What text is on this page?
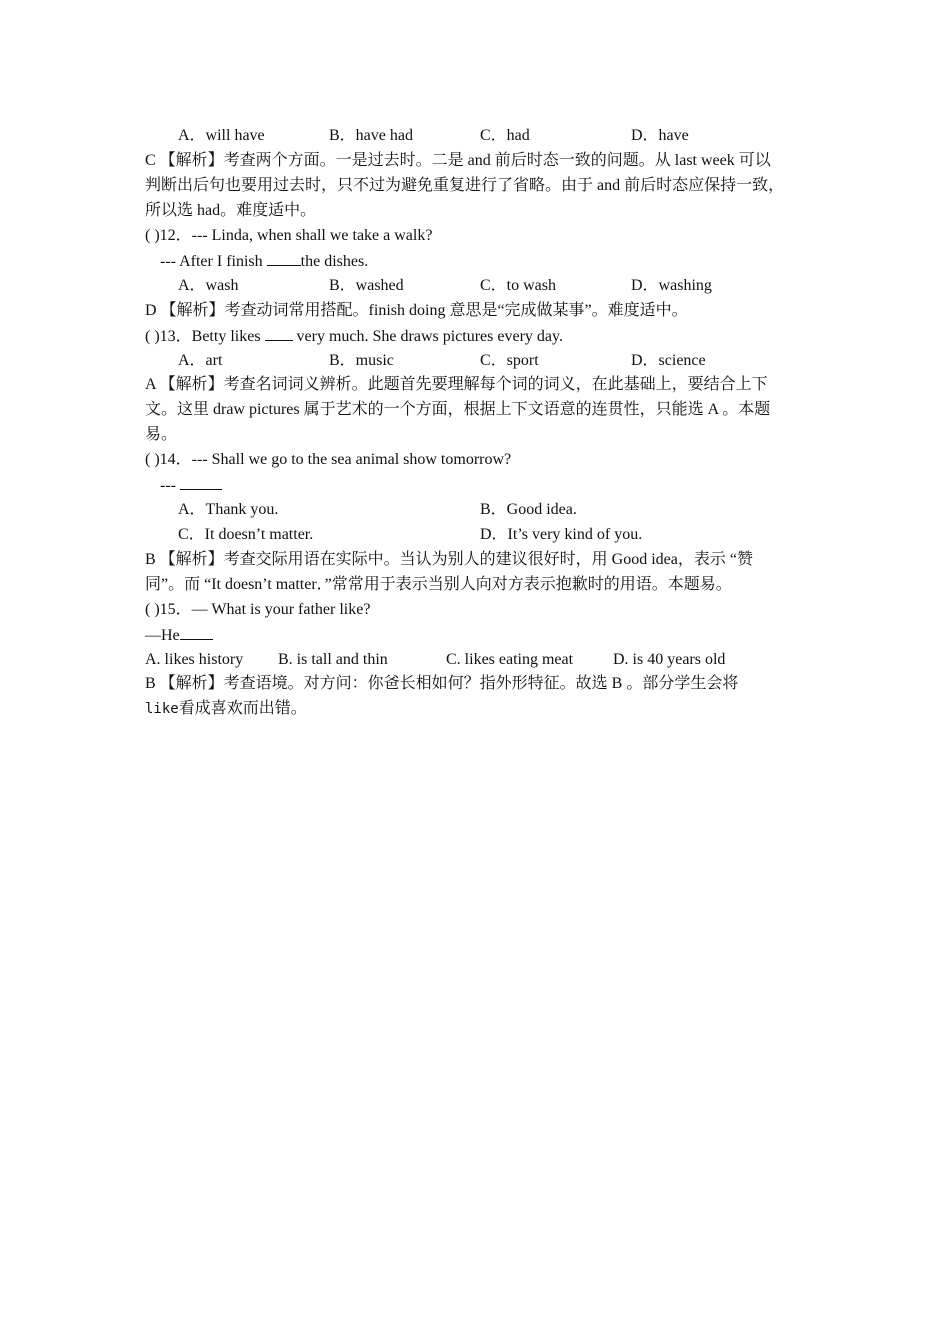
A．will have	B．have had	C．had	D．have
C 【解析】考查两个方面。一是过去时。二是 and 前后时态一致的问题。从 last week 可以
判断出后句也要用过去时，只不过为避免重复进行了省略。由于 and 前后时态应保持一致，
所以选 had。难度适中。
( )12．--- Linda, when shall we take a walk?
--- After I finish the dishes.
A．wash	B．washed	C．to wash	D．washing
D 【解析】考查动词常用搭配。finish doing 意思是“完成做某事”。难度适中。
( )13．Betty likes  very much. She draws pictures every day.
A．art	B．music	C．sport	D．science
A 【解析】考查名词词义辨析。此题首先要理解每个词的词义，在此基础上，要结合上下
文。这里 draw pictures 属于艺术的一个方面，根据上下文语意的连贯性，只能选 A 。本题
易。
( )14．--- Shall we go to the sea animal show tomorrow?
---
A．Thank you.	B．Good idea.
C．It doesn’t matter.	D．It’s very kind of you.
B 【解析】考查交际用语在实际中。当认为别人的建议很好时，用 Good idea，表示 “赞
同”。而 “It doesn’t matter．”常常用于表示当别人向对方表示抱歉时的用语。本题易。
( )15．— What is your father like?
—He
A. likes history B. is tall and thin	C. likes eating meat D. is 40 years old
B 【解析】考查语境。对方问：你爸长相如何？指外形特征。故选 B 。部分学生会将
like看成喜欢而出错。
